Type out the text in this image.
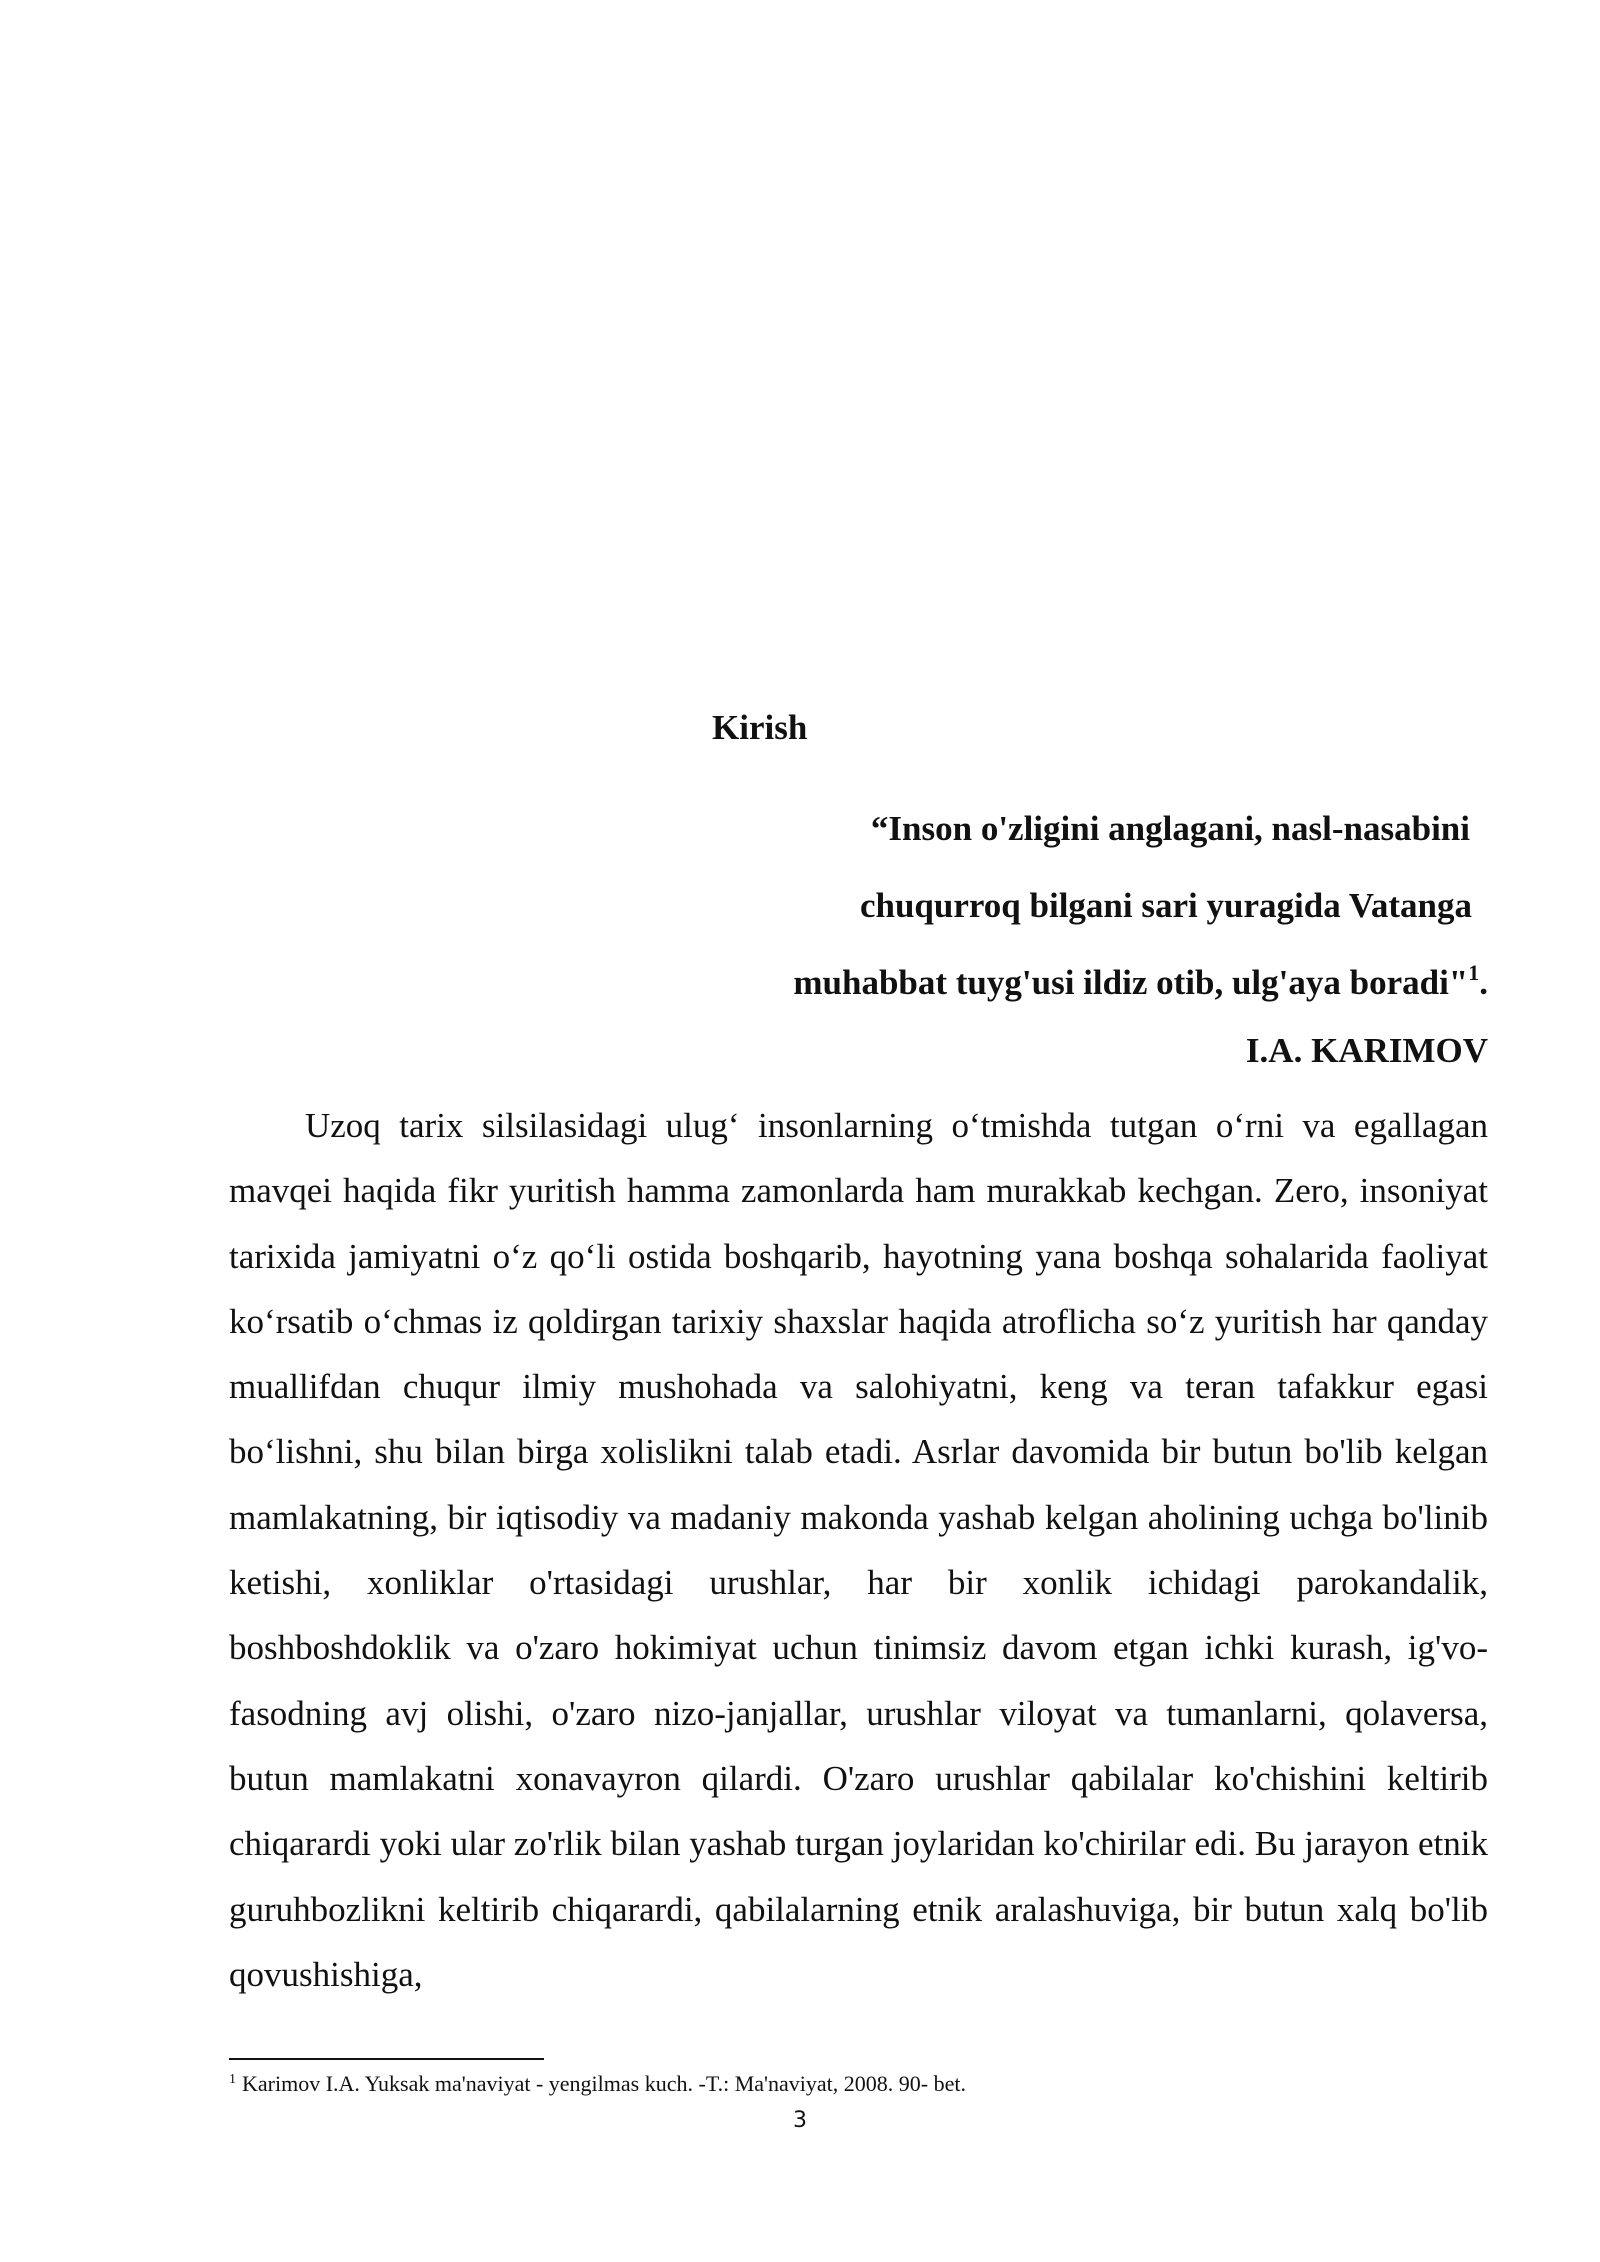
Kirish
“Inson o'zligini anglagani, nasl-nasabini
chuqurroq bilgani sari yuragida Vatanga
muhabbat tuyg'usi ildiz otib, ulg'aya boradi"$^1$.
I.A. KARIMOV

Uzoq tarix silsilasidagi ulug‘ insonlarning o‘tmishda tutgan o‘rni va egallagan mavqei haqida fikr yuritish hamma zamonlarda ham murakkab kechgan. Zero, insoniyat tarixida jamiyatni o‘z qo‘li ostida boshqarib, hayotning yana boshqa sohalarida faoliyat ko‘rsatib o‘chmas iz qoldirgan tarixiy shaxslar haqida atroflicha so‘z yuritish har qanday muallifdan chuqur ilmiy mushohada va salohiyatni, keng va teran tafakkur egasi bo‘lishni, shu bilan birga xolislikni talab etadi. Asrlar davomida bir butun bo'lib kelgan mamlakatning, bir iqtisodiy va madaniy makonda yashab kelgan aholining uchga bo'linib ketishi, xonliklar o'rtasidagi urushlar, har bir xonlik ichidagi parokandalik, boshboshdoklik va o'zaro hokimiyat uchun tinimsiz davom etgan ichki kurash, ig'vo-fasodning avj olishi, o'zaro nizo-janjallar, urushlar viloyat va tumanlarni, qolaversa, butun mamlakatni xonavayron qilardi. O'zaro urushlar qabilalar ko'chishini keltirib chiqarardi yoki ular zo'rlik bilan yashab turgan joylaridan ko'chirilar edi. Bu jarayon etnik guruhbozlikni keltirib chiqarardi, qabilalarning etnik aralashuviga, bir butun xalq bo'lib qovushishiga,

$^1$ Karimov I.A. Yuksak ma'naviyat - yengilmas kuch. -T.: Ma'naviyat, 2008. 90- bet.
3
